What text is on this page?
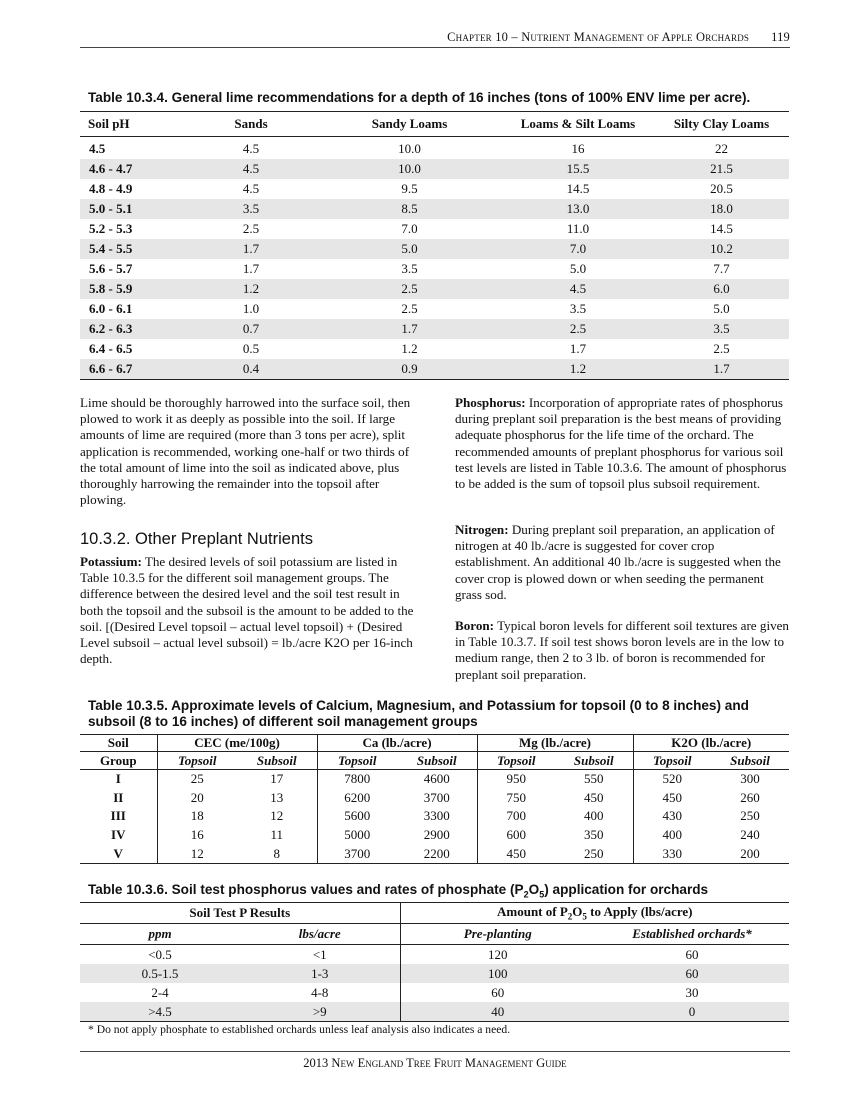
Chapter 10 – Nutrient Management of Apple Orchards 119
Table 10.3.4. General lime recommendations for a depth of 16 inches (tons of 100% ENV lime per acre).
Soil pH	Sands	Sandy Loams	Loams & Silt Loams	Silty Clay Loams
4.5	4.5	10.0	16	22
4.6 - 4.7	4.5	10.0	15.5	21.5
4.8 - 4.9	4.5	9.5	14.5	20.5
5.0 - 5.1	3.5	8.5	13.0	18.0
5.2 - 5.3	2.5	7.0	11.0	14.5
5.4 - 5.5	1.7	5.0	7.0	10.2
5.6 - 5.7	1.7	3.5	5.0	7.7
5.8 - 5.9	1.2	2.5	4.5	6.0
6.0 - 6.1	1.0	2.5	3.5	5.0
6.2 - 6.3	0.7	1.7	2.5	3.5
6.4 - 6.5	0.5	1.2	1.7	2.5
6.6 - 6.7	0.4	0.9	1.2	1.7

Lime should be thoroughly harrowed into the surface soil, then plowed to work it as deeply as possible into the soil. If large amounts of lime are required (more than 3 tons per acre), split application is recommended, working one-half or two thirds of the total amount of lime into the soil as indicated above, plus thoroughly harrowing the remainder into the topsoil after plowing.

10.3.2. Other Preplant Nutrients

Potassium: The desired levels of soil potassium are listed in Table 10.3.5 for the different soil management groups. The difference between the desired level and the soil test result in both the topsoil and the subsoil is the amount to be added to the soil. [(Desired Level topsoil – actual level topsoil) + (Desired Level subsoil – actual level subsoil) = lb./acre K2O per 16-inch depth.

Phosphorus: Incorporation of appropriate rates of phosphorus during preplant soil preparation is the best means of providing adequate phosphorus for the life time of the orchard. The recommended amounts of preplant phosphorus for various soil test levels are listed in Table 10.3.6. The amount of phosphorus to be added is the sum of topsoil plus subsoil requirement.

Nitrogen: During preplant soil preparation, an application of nitrogen at 40 lb./acre is suggested for cover crop establishment. An additional 40 lb./acre is suggested when the cover crop is plowed down or when seeding the permanent grass sod.

Boron: Typical boron levels for different soil textures are given in Table 10.3.7. If soil test shows boron levels are in the low to medium range, then 2 to 3 lb. of boron is recommended for preplant soil preparation.

Table 10.3.5. Approximate levels of Calcium, Magnesium, and Potassium for topsoil (0 to 8 inches) and
subsoil (8 to 16 inches) of different soil management groups
Soil	CEC (me/100g)		Ca (lb./acre)		Mg (lb./acre)		K2O (lb./acre)	
Group	Topsoil	Subsoil	Topsoil	Subsoil	Topsoil	Subsoil	Topsoil	Subsoil
I	25	17	7800	4600	950	550	520	300
II	20	13	6200	3700	750	450	450	260
III	18	12	5600	3300	700	400	430	250
IV	16	11	5000	2900	600	350	400	240
V	12	8	3700	2200	450	250	330	200
Table 10.3.6. Soil test phosphorus values and rates of phosphate $(P_2O_5)$ application for orchards
Soil Test P Results		Amount of $P_2O_5$ to Apply (lbs/acre)	
ppm	lbs/acre	Pre-planting	Established orchards*
<0.5	<1	120	60
0.5-1.5	1-3	100	60
2-4	4-8	60	30
>4.5	>9	40	0
* Do not apply phosphate to established orchards unless leaf analysis also indicates a need.
2013 New England Tree Fruit Management Guide
